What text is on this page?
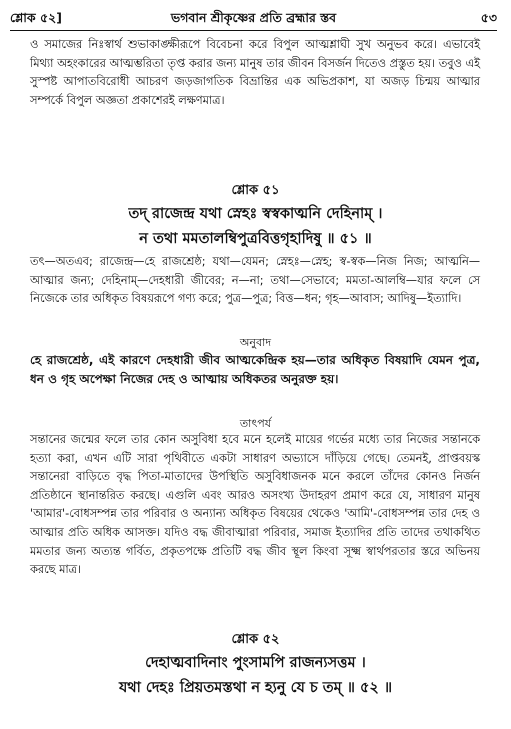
শ্লোক ৫২]	ভগবান শ্রীকৃষ্ণের প্রতি ব্রহ্মার স্তব	৫৩
ও সমাজের নিঃস্বার্থ শুভাকাঙ্ক্ষীরূপে বিবেচনা করে বিপুল আত্মশ্লাঘী সুখ অনুভব করে। এভাবেই মিথ্যা অহংকারের আত্মম্ভরিতা তৃপ্ত করার জন্য মানুষ তার জীবন বিসর্জন দিতেও প্রস্তুত হয়। তবুও এই সুস্পষ্ট আপাতবিরোধী আচরণ জড়জাগতিক বিভ্রান্তির এক অভিপ্রকাশ, যা অজড় চিন্ময় আত্মার সম্পর্কে বিপুল অজ্ঞতা প্রকাশেরই লক্ষণমাত্র।
শ্লোক ৫১
তদ্ রাজেন্দ্র যথা স্নেহঃ স্বস্বকাত্মনি দেহিনাম্ ।
ন তথা মমতালম্বিপুত্রবিত্তগৃহাদিষু ॥ ৫১ ॥
তৎ—অতএব; রাজেন্দ্র—হে রাজশ্রেষ্ঠ; যথা—যেমন; স্নেহঃ—স্নেহ; স্ব-স্বক—নিজ নিজ; আত্মনি—আত্মার জন্য; দেহিনাম্—দেহধারী জীবের; ন—না; তথা—সেভাবে; মমতা-আলম্বি—যার ফলে সে নিজেকে তার অধিকৃত বিষয়রূপে গণ্য করে; পুত্র—পুত্র; বিত্ত—ধন; গৃহ—আবাস; আদিষু—ইত্যাদি।
অনুবাদ
হে রাজশ্রেষ্ঠ, এই কারণে দেহধারী জীব আত্মকেন্দ্রিক হয়—তার অধিকৃত বিষয়াদি যেমন পুত্র, ধন ও গৃহ অপেক্ষা নিজের দেহ ও আত্মায় অধিকতর অনুরক্ত হয়।
তাৎপর্য
সন্তানের জন্মের ফলে তার কোন অসুবিধা হবে মনে হলেই মায়ের গর্ভের মধ্যে তার নিজের সন্তানকে হত্যা করা, এখন এটি সারা পৃথিবীতে একটা সাধারণ অভ্যাসে দাঁড়িয়ে গেছে। তেমনই, প্রাপ্তবয়স্ক সন্তানেরা বাড়িতে বৃদ্ধ পিতা-মাতাদের উপস্থিতি অসুবিধাজনক মনে করলে তাঁদের কোনও নির্জন প্রতিষ্ঠানে স্থানান্তরিত করছে। এগুলি এবং আরও অসংখ্য উদাহরণ প্রমাণ করে যে, সাধারণ মানুষ 'আমার'-বোধসম্পন্ন তার পরিবার ও অন্যান্য অধিকৃত বিষয়ের থেকেও 'আমি'-বোধসম্পন্ন তার দেহ ও আত্মার প্রতি অধিক আসক্ত। যদিও বদ্ধ জীবাত্মারা পরিবার, সমাজ ইত্যাদির প্রতি তাদের তথাকথিত মমতার জন্য অত্যন্ত গর্বিত, প্রকৃতপক্ষে প্রতিটি বদ্ধ জীব স্থূল কিংবা সূক্ষ্ম স্বার্থপরতার স্তরে অভিনয় করছে মাত্র।
শ্লোক ৫২
দেহাত্মবাদিনাং পুংসামপি রাজন্যসত্তম ।
যথা দেহঃ প্রিয়তমস্তথা ন হ্যনু যে চ তম্ ॥ ৫২ ॥
